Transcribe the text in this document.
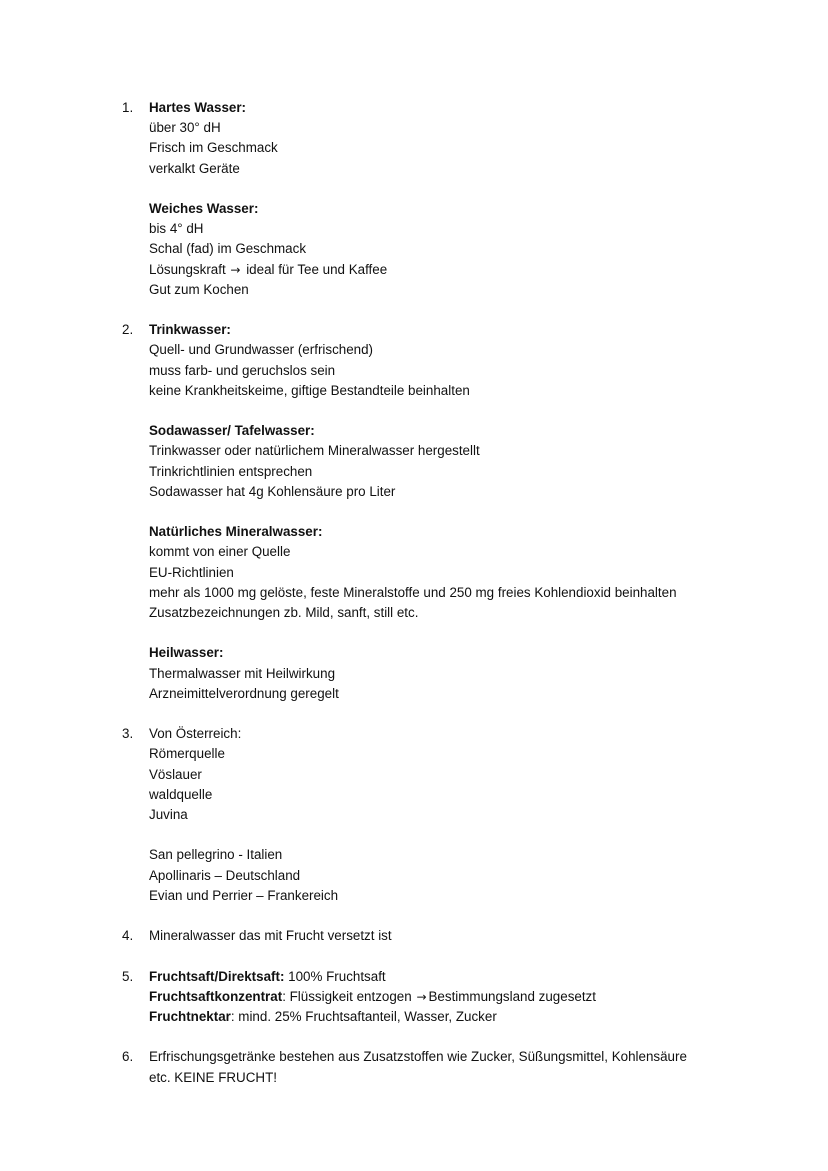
1. Hartes Wasser:
über 30° dH
Frisch im Geschmack
verkalkt Geräte
Weiches Wasser:
bis 4° dH
Schal (fad) im Geschmack
Lösungskraft → ideal für Tee und Kaffee
Gut zum Kochen
2. Trinkwasser:
Quell- und Grundwasser (erfrischend)
muss farb- und geruchslos sein
keine Krankheitskeime, giftige Bestandteile beinhalten
Sodawasser/ Tafelwasser:
Trinkwasser oder natürlichem Mineralwasser hergestellt
Trinkrichtlinien entsprechen
Sodawasser hat 4g Kohlensäure pro Liter
Natürliches Mineralwasser:
kommt von einer Quelle
EU-Richtlinien
mehr als 1000 mg gelöste, feste Mineralstoffe und 250 mg freies Kohlendioxid beinhalten
Zusatzbezeichnungen zb. Mild, sanft, still etc.
Heilwasser:
Thermalwasser mit Heilwirkung
Arzneimittelverordnung geregelt
3. Von Österreich:
Römerquelle
Vöslauer
waldquelle
Juvina
San pellegrino - Italien
Apollinaris – Deutschland
Evian und Perrier – Frankereich
4. Mineralwasser das mit Frucht versetzt ist
5. Fruchtsaft/Direktsaft: 100% Fruchtsaft
Fruchtsaftkonzentrat: Flüssigkeit entzogen → Bestimmungsland zugesetzt
Fruchtnektar: mind. 25% Fruchtsaftanteil, Wasser, Zucker
6. Erfrischungsgetränke bestehen aus Zusatzstoffen wie Zucker, Süßungsmittel, Kohlensäure
etc. KEINE FRUCHT!
